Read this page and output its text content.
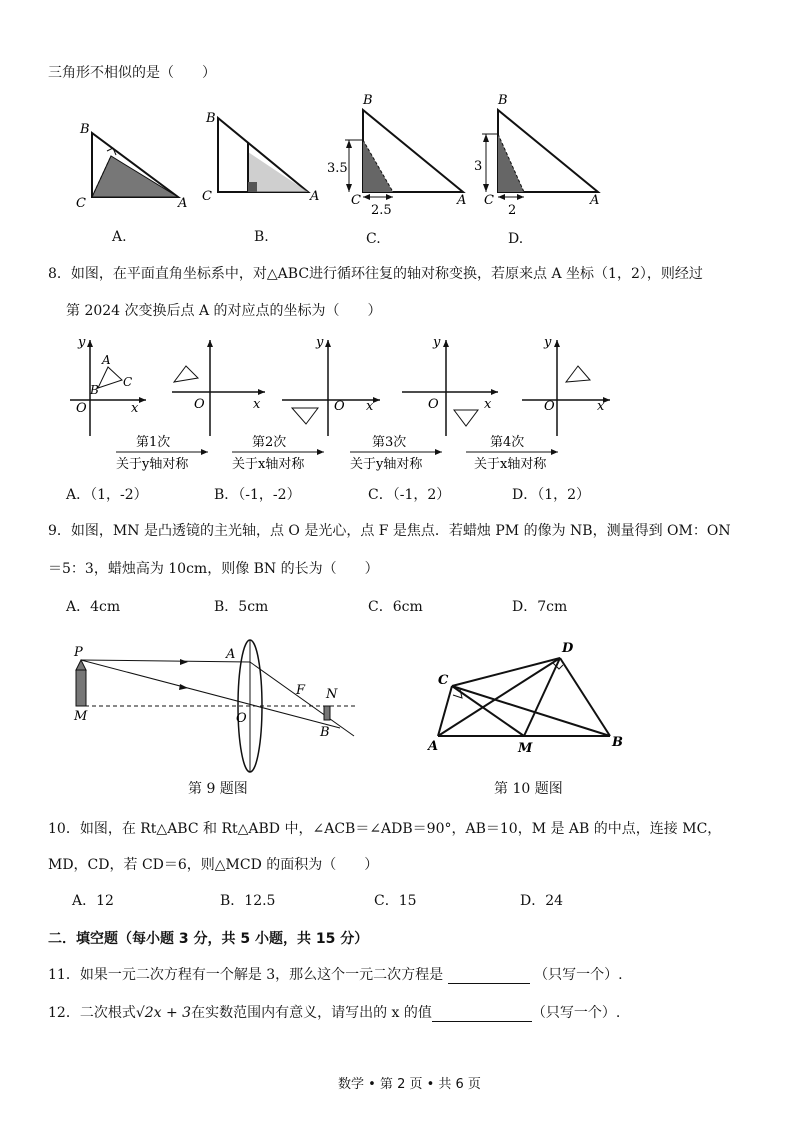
三角形不相似的是（　　）
B
C	A
A.
B
C	A
B.
B
C	A
3.5
2.5
C.
B
C	A
3
2
D.
8．如图，在平面直角坐标系中，对△ABC进行循环往复的轴对称变换，若原来点 A 坐标（1，2），则经过
第 2024 次变换后点 A 的对应点的坐标为（　　）
y
x
O
A
B
C
O	x
y
O x
y
O	x
y
O	x
第1次
关于y轴对称
第2次
关于x轴对称
第3次
关于y轴对称
第4次
关于x轴对称
A．（1，-2）	B．（-1，-2）	C．（-1，2）	D．（1，2）
9．如图，MN 是凸透镜的主光轴，点 O 是光心，点 F 是焦点．若蜡烛 PM 的像为 NB，测量得到 OM：ON
＝5：3，蜡烛高为 10cm，则像 BN 的长为（　　）
A．4cm	B．5cm	C．6cm	D．7cm
P
M
A
O
F N
B
第 9 题图
A	B
C
D
M
第 10 题图
10．如图，在 Rt△ABC 和 Rt△ABD 中，∠ACB＝∠ADB＝90°，AB＝10，M 是 AB 的中点，连接 MC，
MD，CD，若 CD＝6，则△MCD 的面积为（　　）
A．12	B．12.5	C．15	D．24
二．填空题（每小题 3 分，共 5 小题，共 15 分）
11．如果一元二次方程有一个解是 3，那么这个一元二次方程是	（只写一个）.
12．二次根式√2x + 3在实数范围内有意义，请写出的 x 的值	（只写一个）.
数学 • 第 2 页 • 共 6 页
